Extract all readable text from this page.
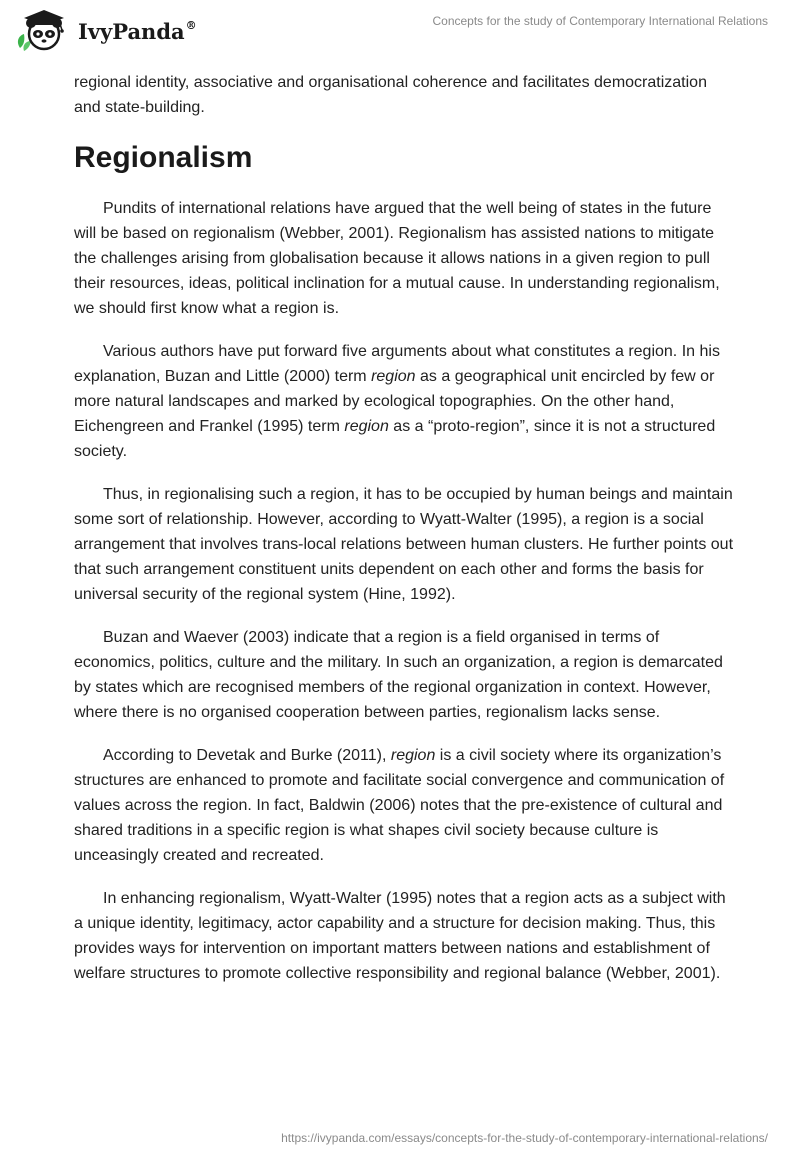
IvyPanda®	Concepts for the study of Contemporary International Relations

regional identity, associative and organisational coherence and facilitates democratization and state-building.

Regionalism

Pundits of international relations have argued that the well being of states in the future will be based on regionalism (Webber, 2001). Regionalism has assisted nations to mitigate the challenges arising from globalisation because it allows nations in a given region to pull their resources, ideas, political inclination for a mutual cause. In understanding regionalism, we should first know what a region is.

Various authors have put forward five arguments about what constitutes a region. In his explanation, Buzan and Little (2000) term region as a geographical unit encircled by few or more natural landscapes and marked by ecological topographies. On the other hand, Eichengreen and Frankel (1995) term region as a “proto-region”, since it is not a structured society.

Thus, in regionalising such a region, it has to be occupied by human beings and maintain some sort of relationship. However, according to Wyatt-Walter (1995), a region is a social arrangement that involves trans-local relations between human clusters. He further points out that such arrangement constituent units dependent on each other and forms the basis for universal security of the regional system (Hine, 1992).

Buzan and Waever (2003) indicate that a region is a field organised in terms of economics, politics, culture and the military. In such an organization, a region is demarcated by states which are recognised members of the regional organization in context. However, where there is no organised cooperation between parties, regionalism lacks sense.

According to Devetak and Burke (2011), region is a civil society where its organization’s structures are enhanced to promote and facilitate social convergence and communication of values across the region. In fact, Baldwin (2006) notes that the pre-existence of cultural and shared traditions in a specific region is what shapes civil society because culture is unceasingly created and recreated.

In enhancing regionalism, Wyatt-Walter (1995) notes that a region acts as a subject with a unique identity, legitimacy, actor capability and a structure for decision making. Thus, this provides ways for intervention on important matters between nations and establishment of welfare structures to promote collective responsibility and regional balance (Webber, 2001).

https://ivypanda.com/essays/concepts-for-the-study-of-contemporary-international-relations/
